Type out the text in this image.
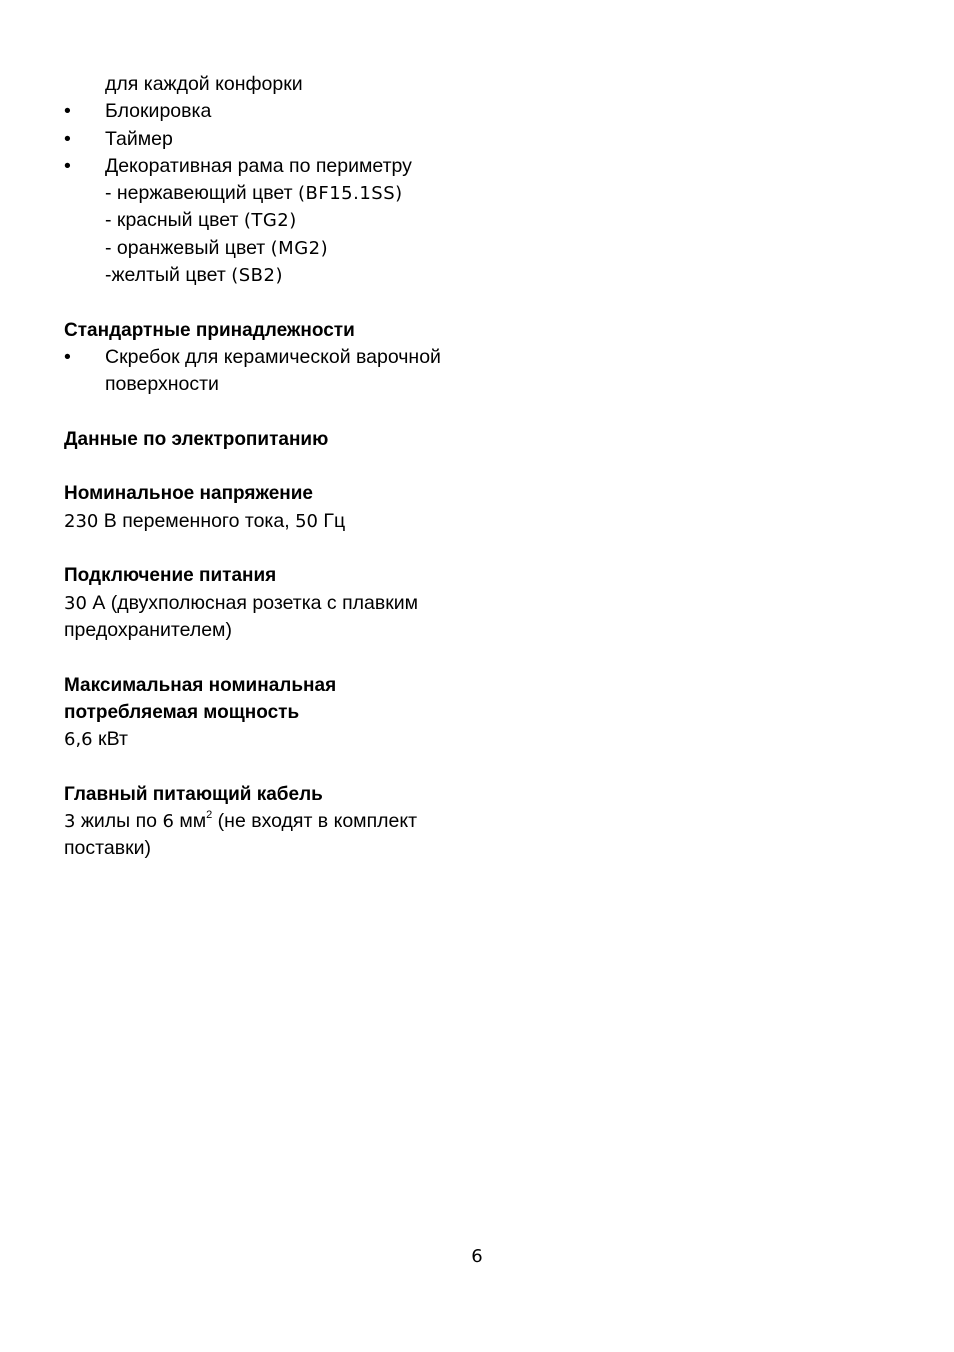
для каждой конфорки
•	Блокировка
•	Таймер
•	Декоративная рама по периметру
- нержавеющий цвет (BF15.1SS)
- красный цвет (TG2)
- оранжевый цвет (MG2)
-желтый цвет (SB2)
Стандартные принадлежности
•	Скребок для керамической варочной
поверхности
Данные по электропитанию
Номинальное напряжение
230 В переменного тока, 50 Гц
Подключение питания
30 А (двухполюсная розетка с плавким
предохранителем)
Максимальная номинальная
потребляемая мощность
6,6 кВт
Главный питающий кабель
3 жилы по 6 $мм^2$ (не входят в комплект
поставки)
6
